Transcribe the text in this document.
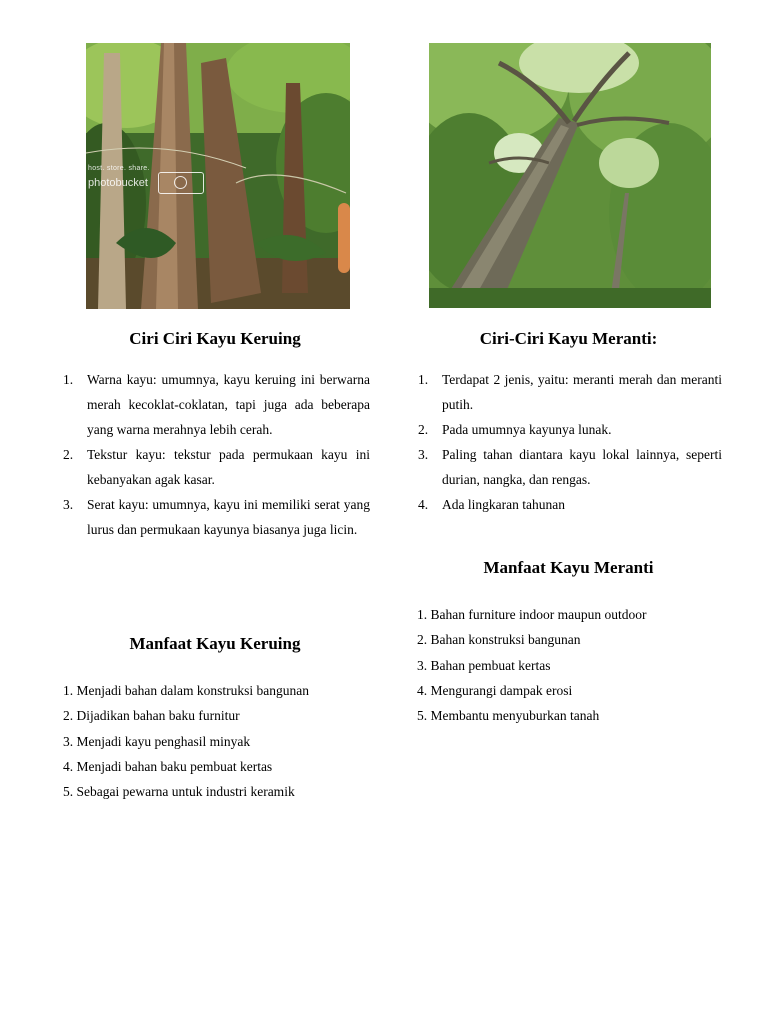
host. store. share.
photobucket
Ciri Ciri Kayu Keruing
1. Warna kayu: umumnya, kayu keruing ini berwarna merah kecoklat-coklatan, tapi juga ada beberapa yang warna merahnya lebih cerah.
2. Tekstur kayu: tekstur pada permukaan kayu ini kebanyakan agak kasar.
3. Serat kayu: umumnya, kayu ini memiliki serat yang lurus dan permukaan kayunya biasanya juga licin.
Manfaat Kayu Keruing
1. Menjadi bahan dalam konstruksi bangunan
2. Dijadikan bahan baku furnitur
3. Menjadi kayu penghasil minyak
4. Menjadi bahan baku pembuat kertas
5. Sebagai pewarna untuk industri keramik
Ciri-Ciri Kayu Meranti:
1. Terdapat 2 jenis, yaitu: meranti merah dan meranti putih.
2. Pada umumnya kayunya lunak.
3. Paling tahan diantara kayu lokal lainnya, seperti durian, nangka, dan rengas.
4. Ada lingkaran tahunan
Manfaat Kayu Meranti
1. Bahan furniture indoor maupun outdoor
2. Bahan konstruksi bangunan
3. Bahan pembuat kertas
4. Mengurangi dampak erosi
5. Membantu menyuburkan tanah
